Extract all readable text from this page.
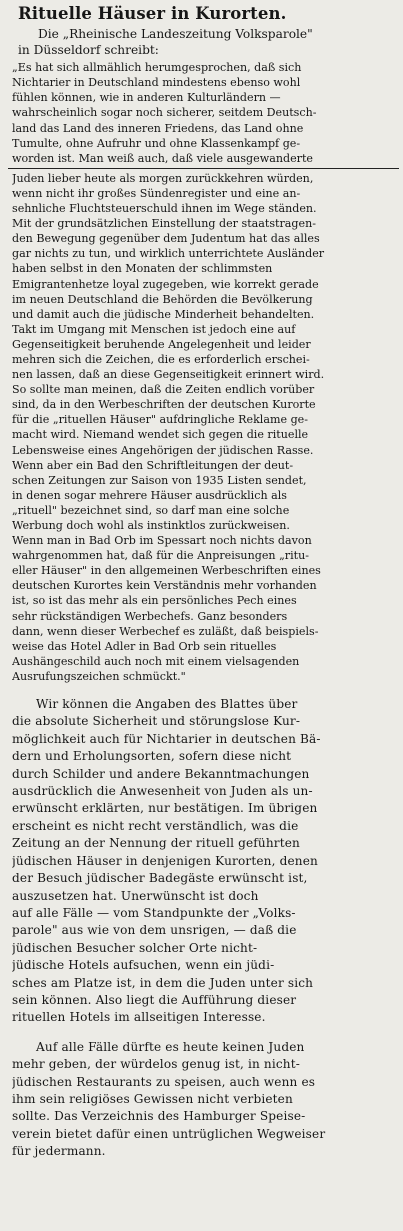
Rituelle Häuser in Kurorten.
Die „Rheinische Landeszeitung Volksparole"
in Düsseldorf schreibt:
„Es hat sich allmählich herumgesprochen, daß sich
Nichtarier in Deutschland mindestens ebenso wohl
fühlen können, wie in anderen Kulturländern —
wahrscheinlich sogar noch sicherer, seitdem Deutsch-
land das Land des inneren Friedens, das Land ohne
Tumulte, ohne Aufruhr und ohne Klassenkampf ge-
worden ist. Man weiß auch, daß viele ausgewanderte
Juden lieber heute als morgen zurückkehren würden,
wenn nicht ihr großes Sündenregister und eine an-
sehnliche Fluchtsteuerschuld ihnen im Wege ständen.
Mit der grundsätzlichen Einstellung der staatstragen-
den Bewegung gegenüber dem Judentum hat das alles
gar nichts zu tun, und wirklich unterrichtete Ausländer
haben selbst in den Monaten der schlimmsten
Emigrantenhetze loyal zugegeben, wie korrekt gerade
im neuen Deutschland die Behörden die Bevölkerung
und damit auch die jüdische Minderheit behandelten.
Takt im Umgang mit Menschen ist jedoch eine auf
Gegenseitigkeit beruhende Angelegenheit und leider
mehren sich die Zeichen, die es erforderlich erschei-
nen lassen, daß an diese Gegenseitigkeit erinnert wird.
So sollte man meinen, daß die Zeiten endlich vorüber
sind, da in den Werbeschriften der deutschen Kurorte
für die „rituellen Häuser" aufdringliche Reklame ge-
macht wird. Niemand wendet sich gegen die rituelle
Lebensweise eines Angehörigen der jüdischen Rasse.
Wenn aber ein Bad den Schriftleitungen der deut-
schen Zeitungen zur Saison von 1935 Listen sendet,
in denen sogar mehrere Häuser ausdrücklich als
„rituell" bezeichnet sind, so darf man eine solche
Werbung doch wohl als instinktlos zurückweisen.
Wenn man in Bad Orb im Spessart noch nichts davon
wahrgenommen hat, daß für die Anpreisungen „ritu-
eller Häuser" in den allgemeinen Werbeschriften eines
deutschen Kurortes kein Verständnis mehr vorhanden
ist, so ist das mehr als ein persönliches Pech eines
sehr rückständigen Werbechefs. Ganz besonders
dann, wenn dieser Werbechef es zuläßt, daß beispiels-
weise das Hotel Adler in Bad Orb sein rituelles
Aushängeschild auch noch mit einem vielsagenden
Ausrufungszeichen schmückt."
Wir können die Angaben des Blattes über
die absolute Sicherheit und störungslose Kur-
möglichkeit auch für Nichtarier in deutschen Bä-
dern und Erholungsorten, sofern diese nicht
durch Schilder und andere Bekanntmachungen
ausdrücklich die Anwesenheit von Juden als un-
erwünscht erklärten, nur bestätigen. Im übrigen
erscheint es nicht recht verständlich, was die
Zeitung an der Nennung der rituell geführten
jüdischen Häuser in denjenigen Kurorten, denen
der Besuch jüdischer Badegäste erwünscht ist,
auszusetzen hat. Unerwünscht ist doch
auf alle Fälle — vom Standpunkte der „Volks-
parole" aus wie von dem unsrigen, — daß die
jüdischen Besucher solcher Orte nicht-
jüdische Hotels aufsuchen, wenn ein jüdi-
sches am Platze ist, in dem die Juden unter sich
sein können. Also liegt die Aufführung dieser
rituellen Hotels im allseitigen Interesse.
Auf alle Fälle dürfte es heute keinen Juden
mehr geben, der würdelos genug ist, in nicht-
jüdischen Restaurants zu speisen, auch wenn es
ihm sein religiöses Gewissen nicht verbieten
sollte. Das Verzeichnis des Hamburger Speise-
verein bietet dafür einen untrüglichen Wegweiser
für jedermann.
